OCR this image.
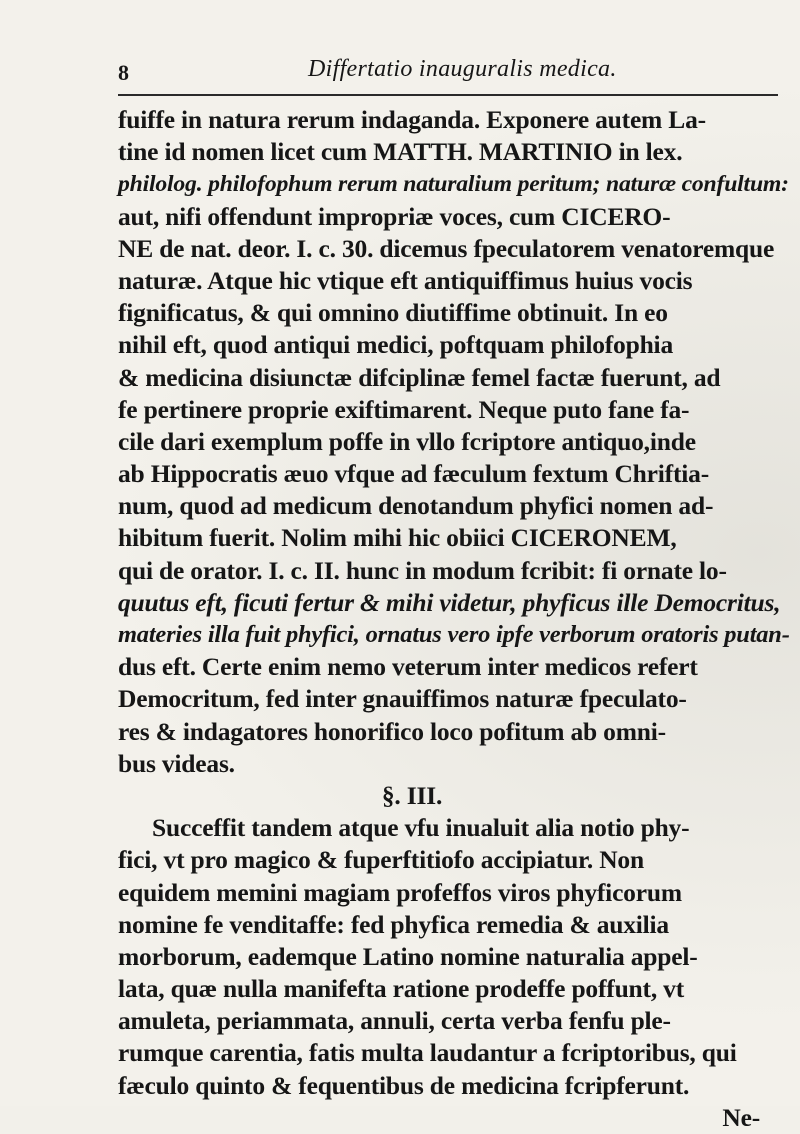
8	Differtatio inauguralis medica.
fuiffe in natura rerum indaganda. Exponere autem La-
tine id nomen licet cum MATTH. MARTINIO in lex.
philolog. philofophum rerum naturalium peritum; naturæ confultum:
aut, nifi offendunt impropriæ voces, cum CICERO-
NE de nat. deor. I. c. 30. dicemus fpeculatorem venatoremque
naturæ. Atque hic vtique eft antiquiffimus huius vocis
fignificatus, & qui omnino diutiffime obtinuit. In eo
nihil eft, quod antiqui medici, poftquam philofophia
& medicina disiunctæ difciplinæ femel factæ fuerunt, ad
fe pertinere proprie exiftimarent. Neque puto fane fa-
cile dari exemplum poffe in vllo fcriptore antiquo,inde
ab Hippocratis æuo vfque ad fæculum fextum Chriftia-
num, quod ad medicum denotandum phyfici nomen ad-
hibitum fuerit. Nolim mihi hic obiici CICERONEM,
qui de orator. I. c. II. hunc in modum fcribit: fi ornate lo-
quutus eft, ficuti fertur & mihi videtur, phyficus ille Democritus,
materies illa fuit phyfici, ornatus vero ipfe verborum oratoris putan-
dus eft. Certe enim nemo veterum inter medicos refert
Democritum, fed inter gnauiffimos naturæ fpeculato-
res & indagatores honorifico loco pofitum ab omni-
bus videas.
§. III.
Succeffit tandem atque vfu inualuit alia notio phy-
fici, vt pro magico & fuperftitiofo accipiatur. Non
equidem memini magiam profeffos viros phyficorum
nomine fe venditaffe: fed phyfica remedia & auxilia
morborum, eademque Latino nomine naturalia appel-
lata, quæ nulla manifefta ratione prodeffe poffunt, vt
amuleta, periammata, annuli, certa verba fenfu ple-
rumque carentia, fatis multa laudantur a fcriptoribus, qui
fæculo quinto & fequentibus de medicina fcripferunt.
Ne-
